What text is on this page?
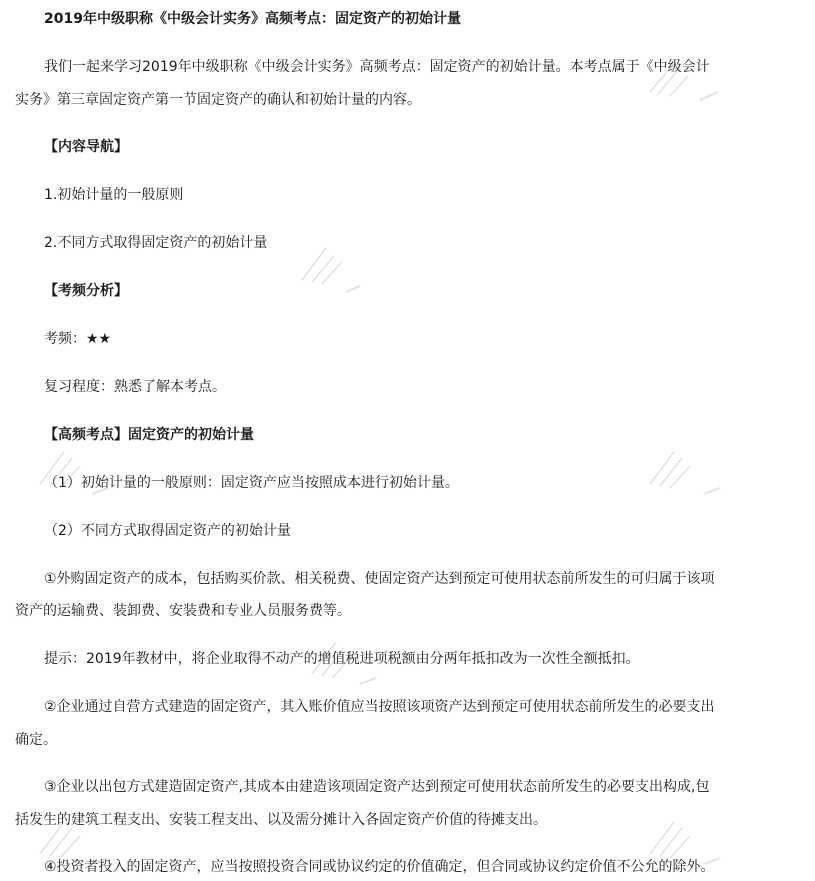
2019年中级职称《中级会计实务》高频考点：固定资产的初始计量
我们一起来学习2019年中级职称《中级会计实务》高频考点：固定资产的初始计量。本考点属于《中级会计
实务》第三章固定资产第一节固定资产的确认和初始计量的内容。
【内容导航】
1.初始计量的一般原则
2.不同方式取得固定资产的初始计量
【考频分析】
考频：★★
复习程度：熟悉了解本考点。
【高频考点】固定资产的初始计量
（1）初始计量的一般原则：固定资产应当按照成本进行初始计量。
（2）不同方式取得固定资产的初始计量
①外购固定资产的成本，包括购买价款、相关税费、使固定资产达到预定可使用状态前所发生的可归属于该项
资产的运输费、装卸费、安装费和专业人员服务费等。
提示：2019年教材中，将企业取得不动产的增值税进项税额由分两年抵扣改为一次性全额抵扣。
②企业通过自营方式建造的固定资产，其入账价值应当按照该项资产达到预定可使用状态前所发生的必要支出
确定。
③企业以出包方式建造固定资产,其成本由建造该项固定资产达到预定可使用状态前所发生的必要支出构成,包
括发生的建筑工程支出、安装工程支出、以及需分摊计入各固定资产价值的待摊支出。
④投资者投入的固定资产，应当按照投资合同或协议约定的价值确定，但合同或协议约定价值不公允的除外。
